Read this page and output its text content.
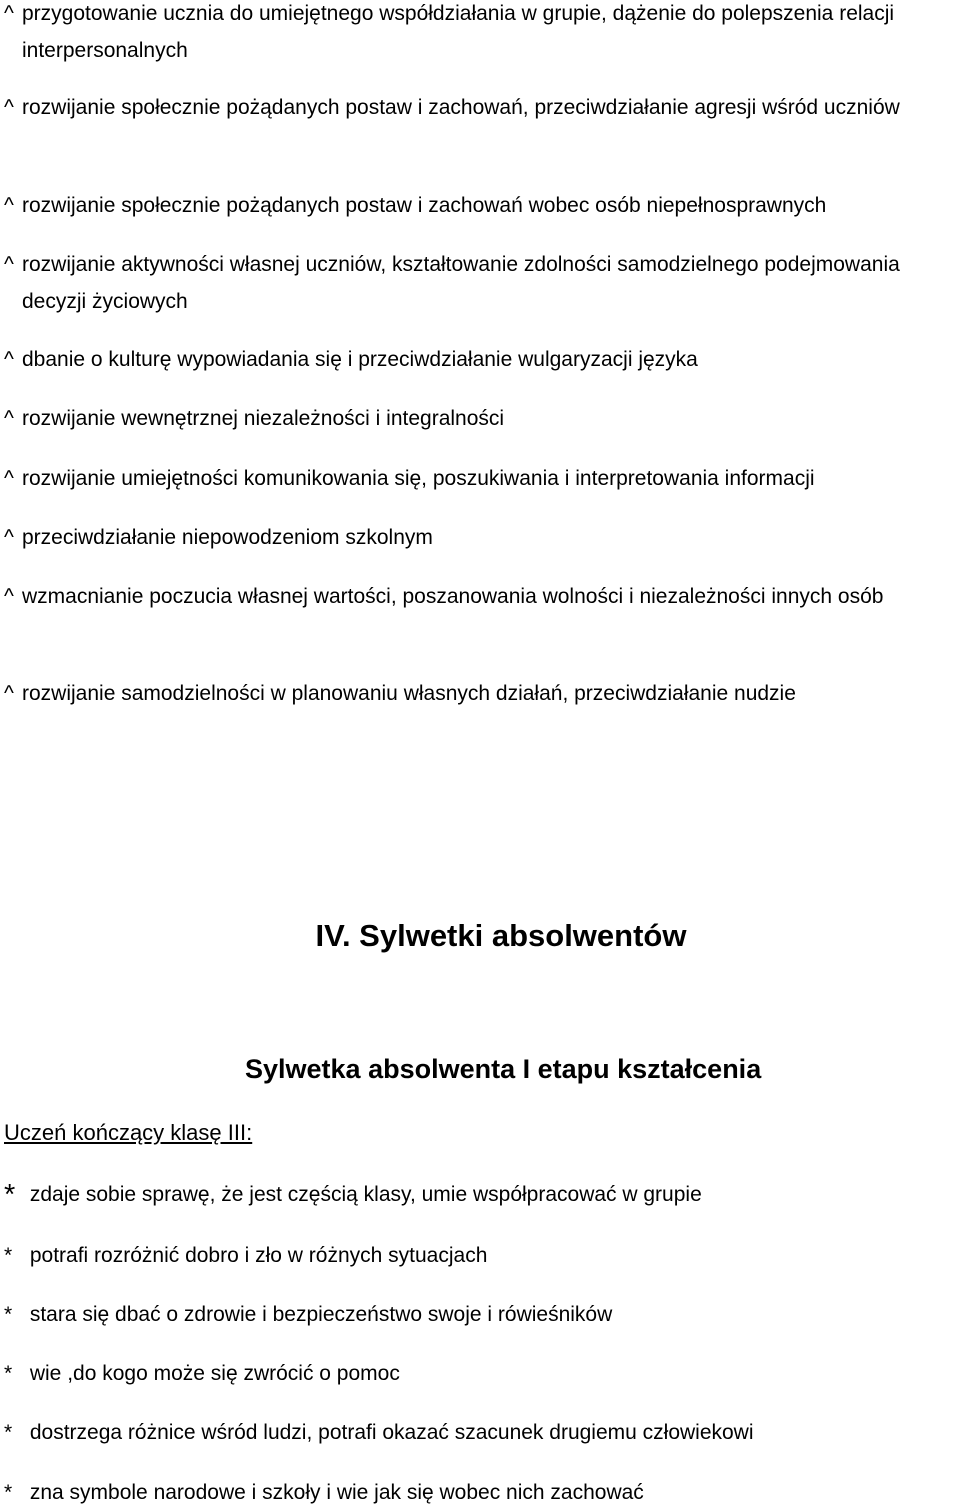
^ przygotowanie ucznia do umiejętnego współdziałania w grupie, dążenie do polepszenia relacji interpersonalnych
^ rozwijanie społecznie pożądanych postaw i zachowań, przeciwdziałanie agresji wśród uczniów
^ rozwijanie społecznie pożądanych postaw i zachowań wobec osób niepełnosprawnych
^ rozwijanie aktywności własnej uczniów, kształtowanie zdolności samodzielnego podejmowania decyzji życiowych
^ dbanie o kulturę wypowiadania się i przeciwdziałanie wulgaryzacji języka
^ rozwijanie wewnętrznej niezależności i integralności
^ rozwijanie umiejętności komunikowania się, poszukiwania i interpretowania informacji
^ przeciwdziałanie niepowodzeniom szkolnym
^ wzmacnianie poczucia własnej wartości, poszanowania wolności i niezależności innych osób
^ rozwijanie samodzielności w planowaniu własnych działań, przeciwdziałanie nudzie
IV. Sylwetki absolwentów
Sylwetka absolwenta I etapu kształcenia
Uczeń kończący klasę III:
* zdaje sobie sprawę, że jest częścią klasy, umie współpracować w grupie
* potrafi rozróżnić dobro i zło w różnych sytuacjach
* stara się dbać o zdrowie i bezpieczeństwo swoje i rówieśników
* wie ,do kogo może się zwrócić o pomoc
* dostrzega różnice wśród ludzi, potrafi okazać szacunek drugiemu człowiekowi
* zna symbole narodowe i szkoły i wie jak się wobec nich zachować
